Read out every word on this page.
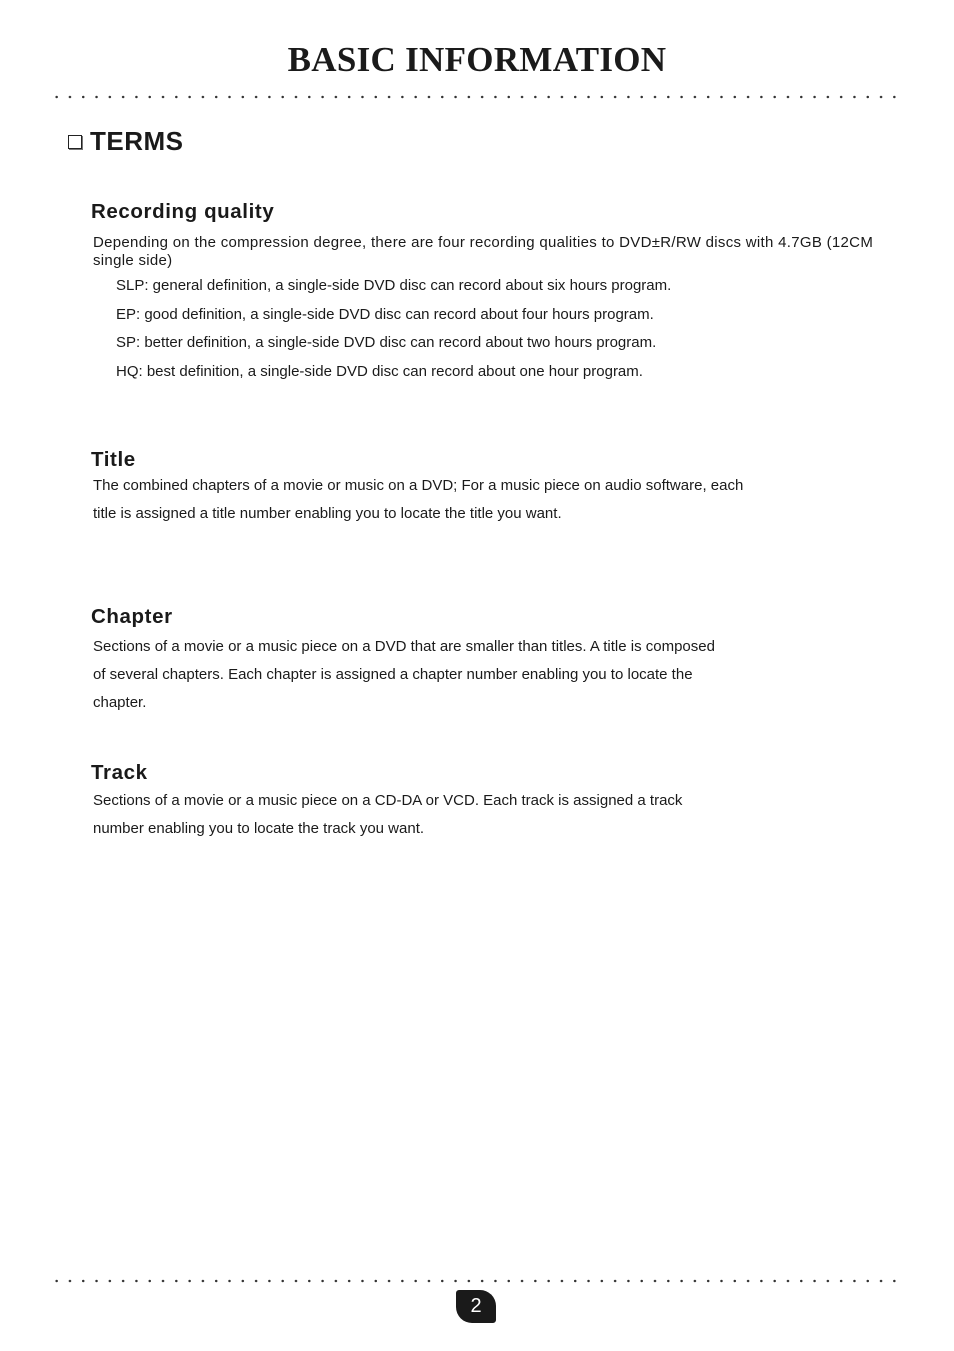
BASIC INFORMATION
TERMS
Recording quality
Depending on the compression degree, there are four recording qualities to DVD±R/RW discs with 4.7GB (12CM single side)
SLP: general definition, a single-side DVD disc can record about six hours program.
EP: good definition, a single-side DVD disc can record about four hours program.
SP: better definition, a single-side DVD disc can record about two hours program.
HQ: best definition, a single-side DVD disc can record about one hour program.
Title
The combined chapters of a movie or music on a DVD; For a music piece on audio software, each
title is assigned a title number enabling you to locate the title you want.
Chapter
Sections of a movie or a music piece on a DVD that are smaller than titles. A title is composed
of several chapters. Each chapter is assigned a chapter number enabling you to locate the
chapter.
Track
Sections of a movie or a music piece on a CD-DA or VCD. Each track is assigned a track
number enabling you to locate the track you want.
2
